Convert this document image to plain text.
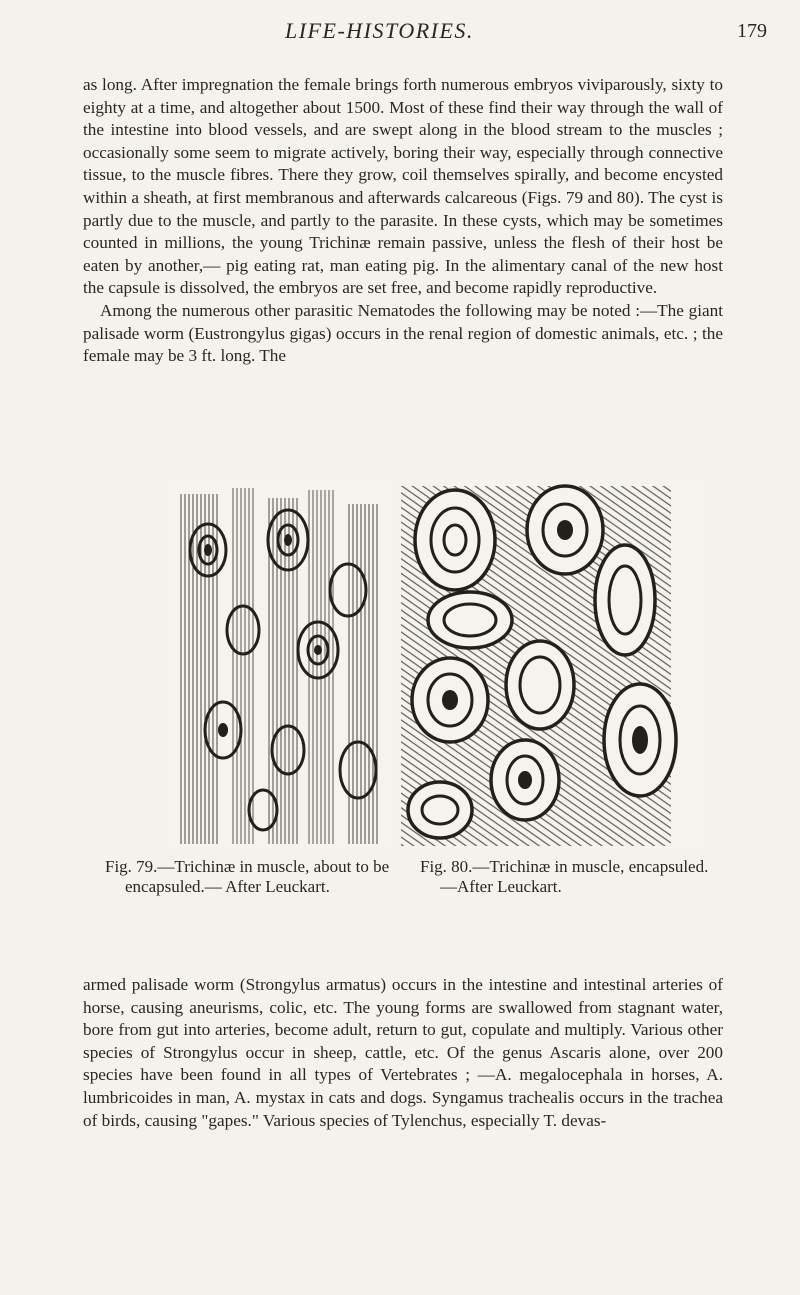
LIFE-HISTORIES.	179

as long. After impregnation the female brings forth numerous embryos viviparously, sixty to eighty at a time, and altogether about 1500. Most of these find their way through the wall of the intestine into blood vessels, and are swept along in the blood stream to the muscles ; occasionally some seem to migrate actively, boring their way, especially through connective tissue, to the muscle fibres. There they grow, coil themselves spirally, and become encysted within a sheath, at first membranous and afterwards calcareous (Figs. 79 and 80). The cyst is partly due to the muscle, and partly to the parasite. In these cysts, which may be sometimes counted in millions, the young Trichinæ remain passive, unless the flesh of their host be eaten by another,— pig eating rat, man eating pig. In the alimentary canal of the new host the capsule is dissolved, the embryos are set free, and become rapidly reproductive.

Among the numerous other parasitic Nematodes the following may be noted :—The giant palisade worm (Eustrongylus gigas) occurs in the renal region of domestic animals, etc. ; the female may be 3 ft. long. The

Fig. 79.—Trichinæ in muscle, about to be encapsuled.— After Leuckart.

Fig. 80.—Trichinæ in muscle, encapsuled.—After Leuckart.

armed palisade worm (Strongylus armatus) occurs in the intestine and intestinal arteries of horse, causing aneurisms, colic, etc. The young forms are swallowed from stagnant water, bore from gut into arteries, become adult, return to gut, copulate and multiply. Various other species of Strongylus occur in sheep, cattle, etc. Of the genus Ascaris alone, over 200 species have been found in all types of Vertebrates ; —A. megalocephala in horses, A. lumbricoides in man, A. mystax in cats and dogs. Syngamus trachealis occurs in the trachea of birds, causing "gapes." Various species of Tylenchus, especially T. devas-
